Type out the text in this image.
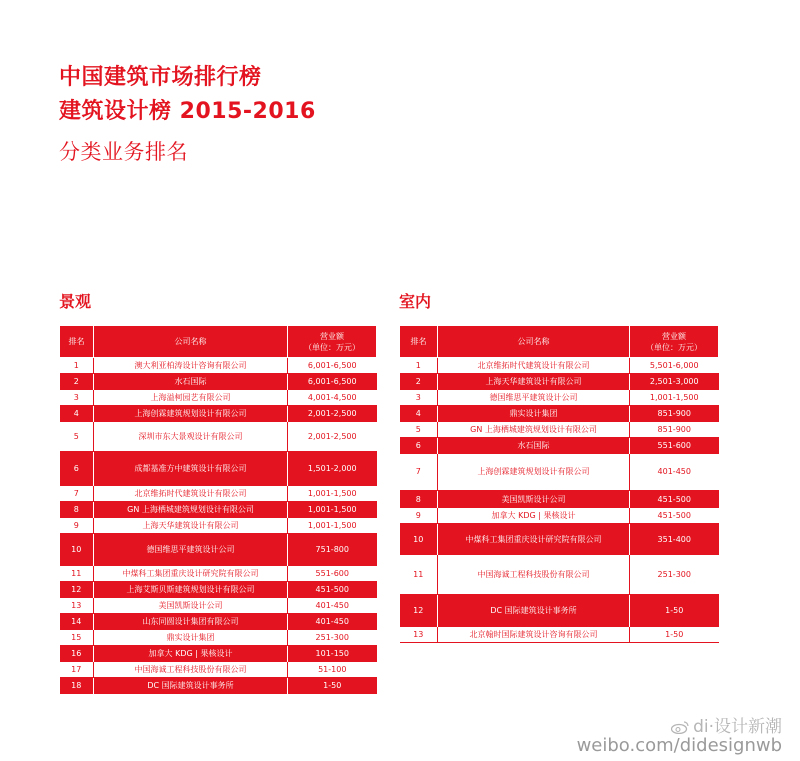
中国建筑市场排行榜
建筑设计榜 2015-2016
分类业务排名
景观	室内
排名	公司名称	营业额
（单位：万元）
1	澳大利亚柏涛设计咨询有限公司	6,001-6,500
2	水石国际	6,001-6,500
3	上海溢柯园艺有限公司	4,001-4,500
4	上海创霖建筑规划设计有限公司	2,001-2,500
5	深圳市东大景观设计有限公司	2,001-2,500
6	成都基准方中建筑设计有限公司	1,501-2,000
7	北京维拓时代建筑设计有限公司	1,001-1,500
8	GN 上海栖城建筑规划设计有限公司	1,001-1,500
9	上海天华建筑设计有限公司	1,001-1,500
10	德国维思平建筑设计公司	751-800
11	中煤科工集团重庆设计研究院有限公司	551-600
12	上海艾斯贝斯建筑规划设计有限公司	451-500
13	美国凯斯设计公司	401-450
14	山东同圆设计集团有限公司	401-450
15	鼎实设计集团	251-300
16	加拿大 KDG | 果核设计	101-150
17	中国海诚工程科技股份有限公司	51-100
18	DC 国际建筑设计事务所	1-50
排名	公司名称	营业额
（单位：万元）
1	北京维拓时代建筑设计有限公司	5,501-6,000
2	上海天华建筑设计有限公司	2,501-3,000
3	德国维思平建筑设计公司	1,001-1,500
4	鼎实设计集团	851-900
5	GN 上海栖城建筑规划设计有限公司	851-900
6	水石国际	551-600
7	上海创霖建筑规划设计有限公司	401-450
8	美国凯斯设计公司	451-500
9	加拿大 KDG | 果核设计	451-500
10	中煤科工集团重庆设计研究院有限公司	351-400
11	中国海诚工程科技股份有限公司	251-300
12	DC 国际建筑设计事务所	1-50
13	北京翰时国际建筑设计咨询有限公司	1-50
di·设计新潮
weibo.com/didesignwb
